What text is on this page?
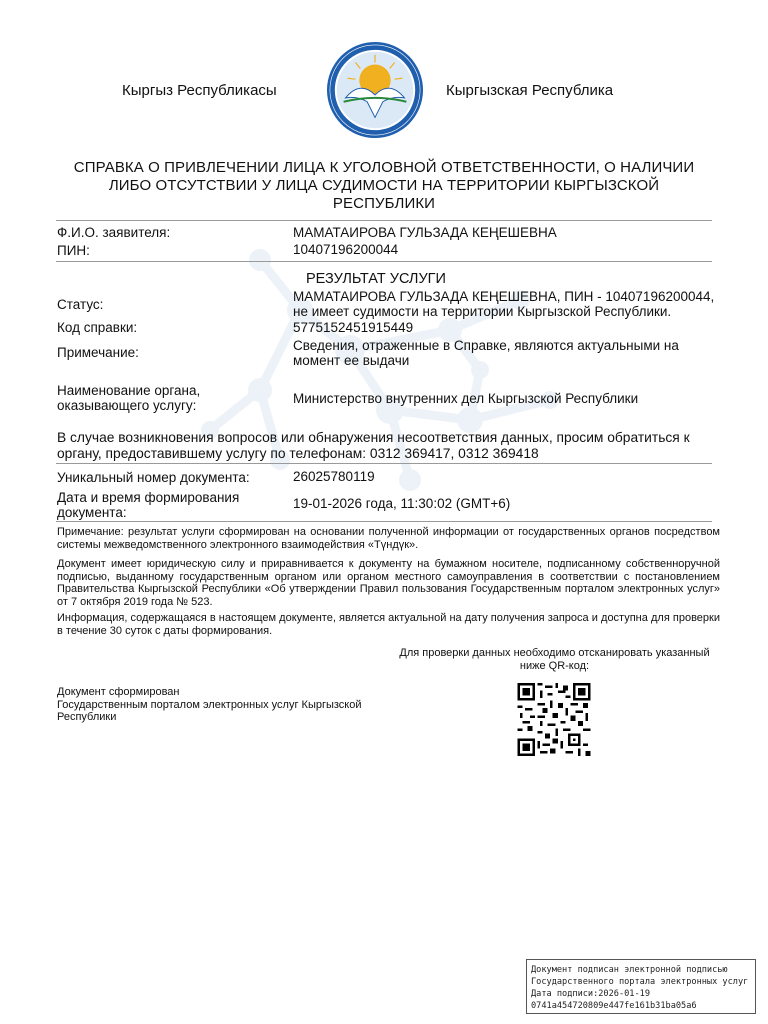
Кыргыз Республикасы	Кыргызская Республика
СПРАВКА О ПРИВЛЕЧЕНИИ ЛИЦА К УГОЛОВНОЙ ОТВЕТСТВЕННОСТИ, О НАЛИЧИИ
ЛИБО ОТСУТСТВИИ У ЛИЦА СУДИМОСТИ НА ТЕРРИТОРИИ КЫРГЫЗСКОЙ
РЕСПУБЛИКИ
Ф.И.О. заявителя:	МАМАТАИРОВА ГУЛЬЗАДА КЕҢЕШЕВНА
ПИН:	10407196200044
РЕЗУЛЬТАТ УСЛУГИ
Статус:
МАМАТАИРОВА ГУЛЬЗАДА КЕҢЕШЕВНА, ПИН - 10407196200044,
не имеет судимости на территории Кыргызской Республики.
Код справки:	5775152451915449
Примечание:	Сведения, отраженные в Справке, являются актуальными на
момент ее выдачи
Наименование органа,
оказывающего услугу:	Министерство внутренних дел Кыргызской Республики
В случае возникновения вопросов или обнаружения несоответствия данных, просим обратиться к
органу, предоставившему услугу по телефонам: 0312 369417, 0312 369418
Уникальный номер документа:	26025780119
Дата и время формирования
документа:
19-01-2026 года, 11:30:02 (GMT+6)
Примечание: результат услуги сформирован на основании полученной информации от государственных органов посредством системы межведомственного электронного взаимодействия «Түндүк».
Документ имеет юридическую силу и приравнивается к документу на бумажном носителе, подписанному собственноручной подписью, выданному государственным органом или органом местного самоуправления в соответствии с постановлением Правительства Кыргызской Республики «Об утверждении Правил пользования Государственным порталом электронных услуг» от 7 октября 2019 года № 523.
Информация, содержащаяся в настоящем документе, является актуальной на дату получения запроса и доступна для проверки в течение 30 суток с даты формирования.
Для проверки данных необходимо отсканировать указанный
ниже QR-код:
Документ сформирован
Государственным порталом электронных услуг Кыргызской
Республики
Документ подписан электронной подписью
Государственного портала электронных услуг
Дата подписи:2026-01-19
0741a454720809e447fe161b31ba05a6
